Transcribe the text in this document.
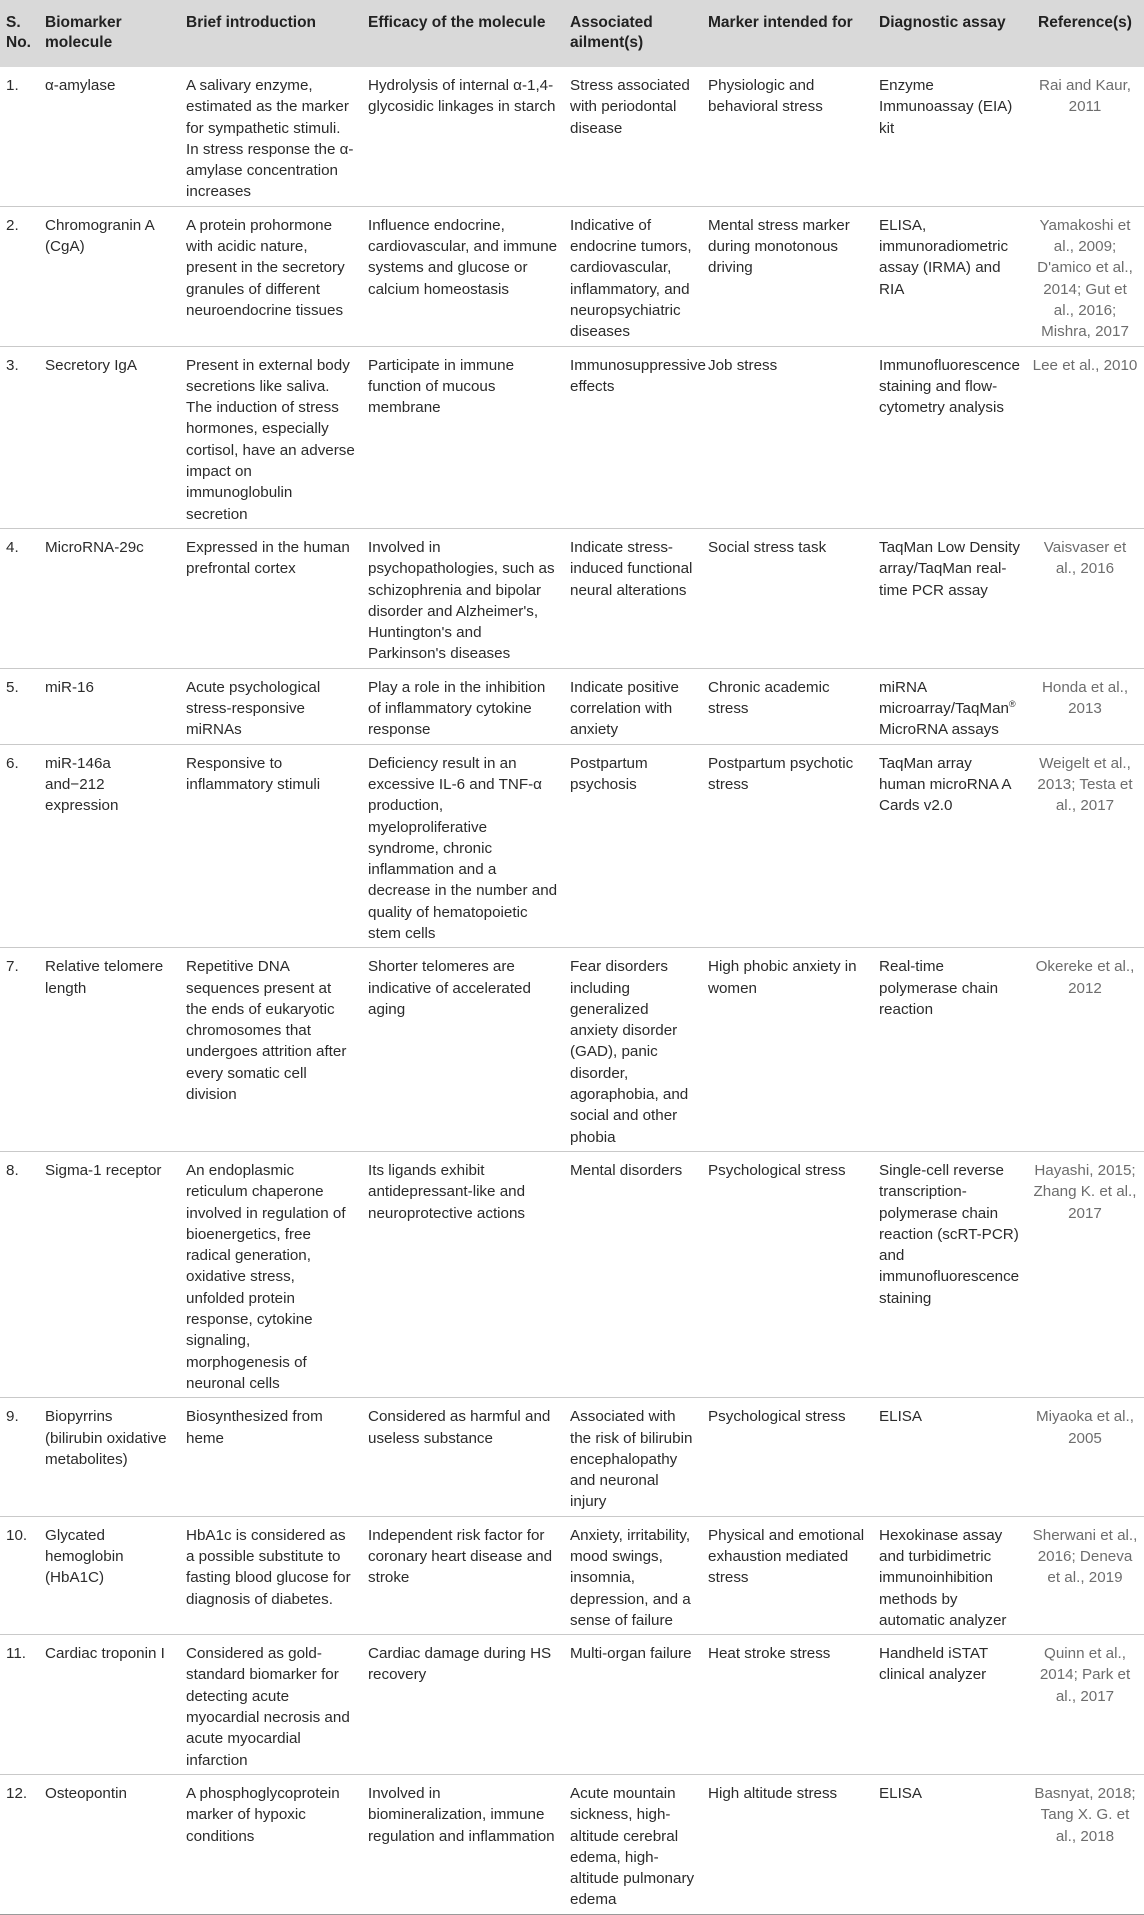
S. No.	Biomarker molecule	Brief introduction	Efficacy of the molecule	Associated ailment(s)	Marker intended for	Diagnostic assay	Reference(s)
1.	α-amylase	A salivary enzyme, estimated as the marker for sympathetic stimuli. In stress response the α-amylase concentration increases	Hydrolysis of internal α-1,4-glycosidic linkages in starch	Stress associated with periodontal disease	Physiologic and behavioral stress	Enzyme Immunoassay (EIA) kit	Rai and Kaur, 2011
2.	Chromogranin A (CgA)	A protein prohormone with acidic nature, present in the secretory granules of different neuroendocrine tissues	Influence endocrine, cardiovascular, and immune systems and glucose or calcium homeostasis	Indicative of endocrine tumors, cardiovascular, inflammatory, and neuropsychiatric diseases	Mental stress marker during monotonous driving	ELISA, immunoradiometric assay (IRMA) and RIA	Yamakoshi et al., 2009; D'amico et al., 2014; Gut et al., 2016; Mishra, 2017
3.	Secretory IgA	Present in external body secretions like saliva. The induction of stress hormones, especially cortisol, have an adverse impact on immunoglobulin secretion	Participate in immune function of mucous membrane	Immunosuppressive effects	Job stress	Immunofluorescence staining and flow-cytometry analysis	Lee et al., 2010
4.	MicroRNA-29c	Expressed in the human prefrontal cortex	Involved in psychopathologies, such as schizophrenia and bipolar disorder and Alzheimer's, Huntington's and Parkinson's diseases	Indicate stress-induced functional neural alterations	Social stress task	TaqMan Low Density array/TaqMan real-time PCR assay	Vaisvaser et al., 2016
5.	miR-16	Acute psychological stress-responsive miRNAs	Play a role in the inhibition of inflammatory cytokine response	Indicate positive correlation with anxiety	Chronic academic stress	miRNA microarray/TaqMan® MicroRNA assays	Honda et al., 2013
6.	miR-146a and−212 expression	Responsive to inflammatory stimuli	Deficiency result in an excessive IL-6 and TNF-α production, myeloproliferative syndrome, chronic inflammation and a decrease in the number and quality of hematopoietic stem cells	Postpartum psychosis	Postpartum psychotic stress	TaqMan array human microRNA A Cards v2.0	Weigelt et al., 2013; Testa et al., 2017
7.	Relative telomere length	Repetitive DNA sequences present at the ends of eukaryotic chromosomes that undergoes attrition after every somatic cell division	Shorter telomeres are indicative of accelerated aging	Fear disorders including generalized anxiety disorder (GAD), panic disorder, agoraphobia, and social and other phobia	High phobic anxiety in women	Real-time polymerase chain reaction	Okereke et al., 2012
8.	Sigma-1 receptor	An endoplasmic reticulum chaperone involved in regulation of bioenergetics, free radical generation, oxidative stress, unfolded protein response, cytokine signaling, morphogenesis of neuronal cells	Its ligands exhibit antidepressant-like and neuroprotective actions	Mental disorders	Psychological stress	Single-cell reverse transcription-polymerase chain reaction (scRT-PCR) and immunofluorescence staining	Hayashi, 2015; Zhang K. et al., 2017
9.	Biopyrrins (bilirubin oxidative metabolites)	Biosynthesized from heme	Considered as harmful and useless substance	Associated with the risk of bilirubin encephalopathy and neuronal injury	Psychological stress	ELISA	Miyaoka et al., 2005
10.	Glycated hemoglobin (HbA1C)	HbA1c is considered as a possible substitute to fasting blood glucose for diagnosis of diabetes.	Independent risk factor for coronary heart disease and stroke	Anxiety, irritability, mood swings, insomnia, depression, and a sense of failure	Physical and emotional exhaustion mediated stress	Hexokinase assay and turbidimetric immunoinhibition methods by automatic analyzer	Sherwani et al., 2016; Deneva et al., 2019
11.	Cardiac troponin I	Considered as gold-standard biomarker for detecting acute myocardial necrosis and acute myocardial infarction	Cardiac damage during HS recovery	Multi-organ failure	Heat stroke stress	Handheld iSTAT clinical analyzer	Quinn et al., 2014; Park et al., 2017
12.	Osteopontin	A phosphoglycoprotein marker of hypoxic conditions	Involved in biomineralization, immune regulation and inflammation	Acute mountain sickness, high-altitude cerebral edema, high-altitude pulmonary edema	High altitude stress	ELISA	Basnyat, 2018; Tang X. G. et al., 2018
